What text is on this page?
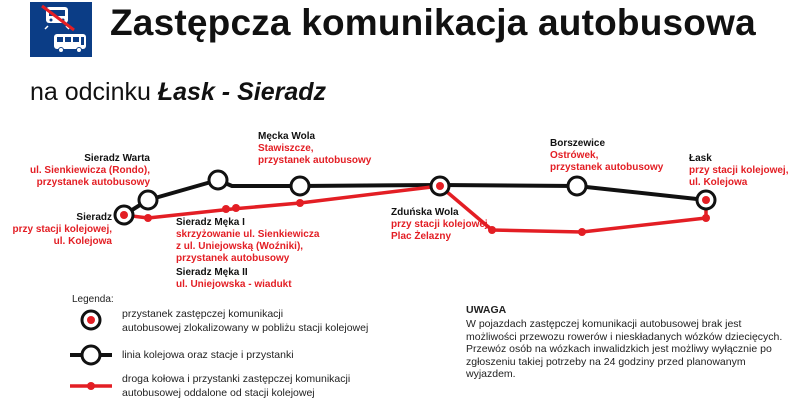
Zastępcza komunikacja autobusowa
na odcinku Łask - Sieradz
Sieradz
przy stacji kolejowej,
ul. Kolejowa
Sieradz Warta
ul. Sienkiewicza (Rondo),
przystanek autobusowy
Sieradz Męka I
skrzyżowanie ul. Sienkiewicza
z ul. Uniejowską (Woźniki),
przystanek autobusowy
Sieradz Męka II
ul. Uniejowska - wiadukt
Męcka Wola
Stawiszcze,
przystanek autobusowy
Zduńska Wola
przy stacji kolejowej,
Plac Żelazny
Borszewice
Ostrówek,
przystanek autobusowy
Łask
przy stacji kolejowej,
ul. Kolejowa
Legenda:
przystanek zastępczej komunikacji
autobusowej zlokalizowany w pobliżu stacji kolejowej
linia kolejowa oraz stacje i przystanki
droga kołowa i przystanki zastępczej komunikacji
autobusowej oddalone od stacji kolejowej
UWAGA
W pojazdach zastępczej komunikacji autobusowej brak jest możliwości przewozu rowerów i nieskładanych wózków dziecięcych. Przewóz osób na wózkach inwalidzkich jest możliwy wyłącznie po zgłoszeniu takiej potrzeby na 24 godziny przed planowanym wyjazdem.
